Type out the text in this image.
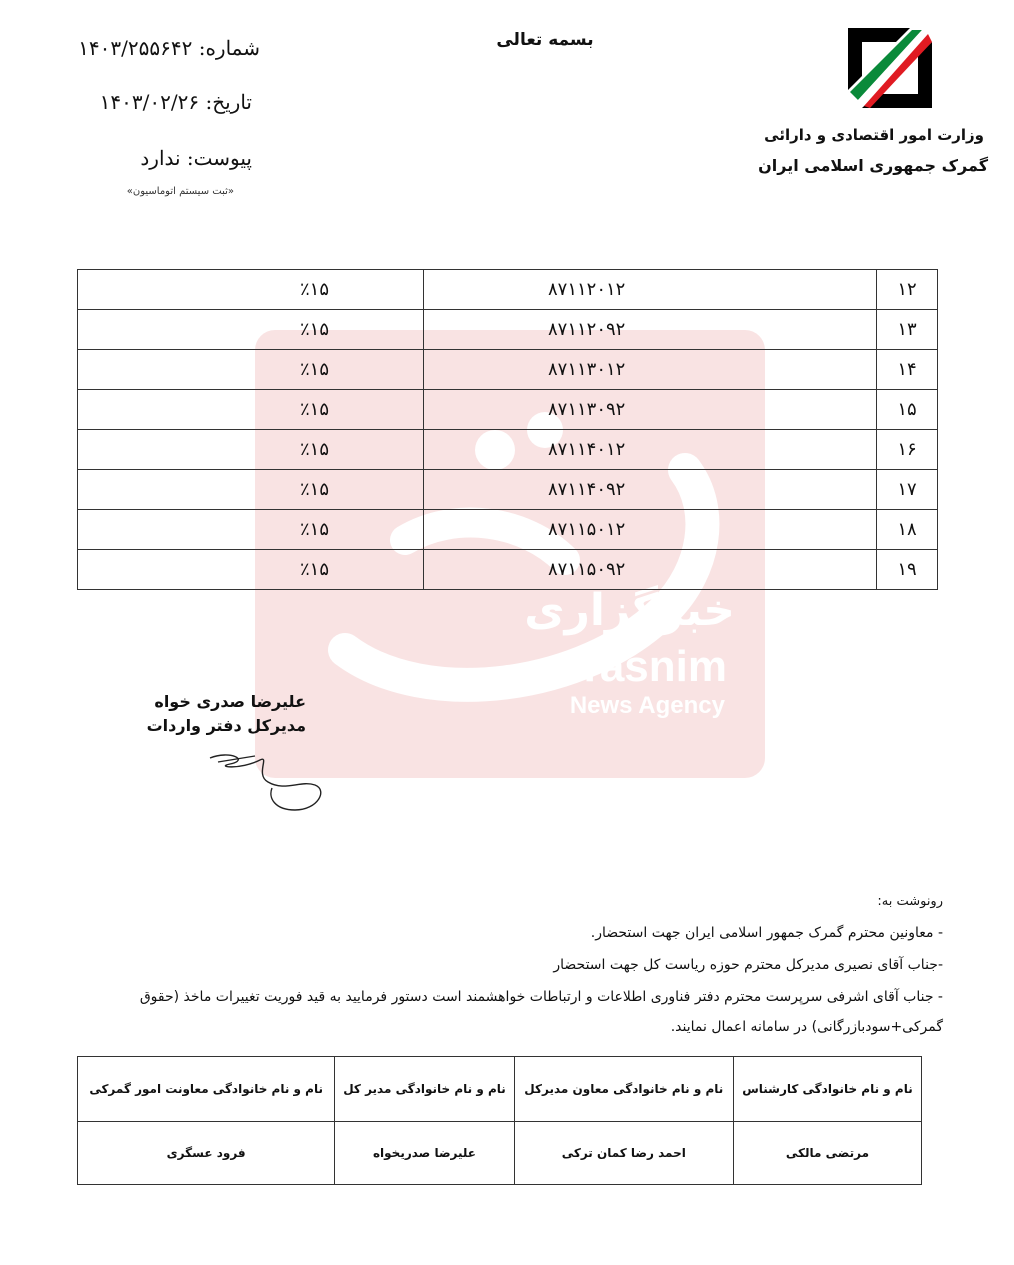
خبرگزاری
Tasnim
News Agency
بسمه تعالی
شماره: ۱۴۰۳/۲۵۵۶۴۲
تاریخ: ۱۴۰۳/۰۲/۲۶
پیوست: ندارد
«ثبت سیستم اتوماسیون»
وزارت امور اقتصادی و دارائی
گمرک جمهوری اسلامی ایران
٪۱۵	۸۷۱۱۲۰۱۲	۱۲
٪۱۵	۸۷۱۱۲۰۹۲	۱۳
٪۱۵	۸۷۱۱۳۰۱۲	۱۴
٪۱۵	۸۷۱۱۳۰۹۲	۱۵
٪۱۵	۸۷۱۱۴۰۱۲	۱۶
٪۱۵	۸۷۱۱۴۰۹۲	۱۷
٪۱۵	۸۷۱۱۵۰۱۲	۱۸
٪۱۵	۸۷۱۱۵۰۹۲	۱۹
علیرضا صدری خواه
مدیرکل دفتر واردات
رونوشت به:
- معاونین محترم گمرک جمهور اسلامی ایران جهت استحضار.
-جناب آقای نصیری مدیرکل محترم حوزه ریاست کل جهت استحضار
- جناب آقای اشرفی سرپرست محترم دفتر فناوری اطلاعات و ارتباطات خواهشمند است دستور فرمایید به قید فوریت تغییرات ماخذ (حقوق
گمرکی+سودبازرگانی) در سامانه اعمال نمایند.
نام و نام خانوادگی معاونت امور گمرکی	نام و نام خانوادگی مدیر کل	نام و نام خانوادگی معاون مدیرکل	نام و نام خانوادگی کارشناس
فرود عسگری	علیرضا صدریخواه	احمد رضا کمان ترکی	مرتضی مالکی
